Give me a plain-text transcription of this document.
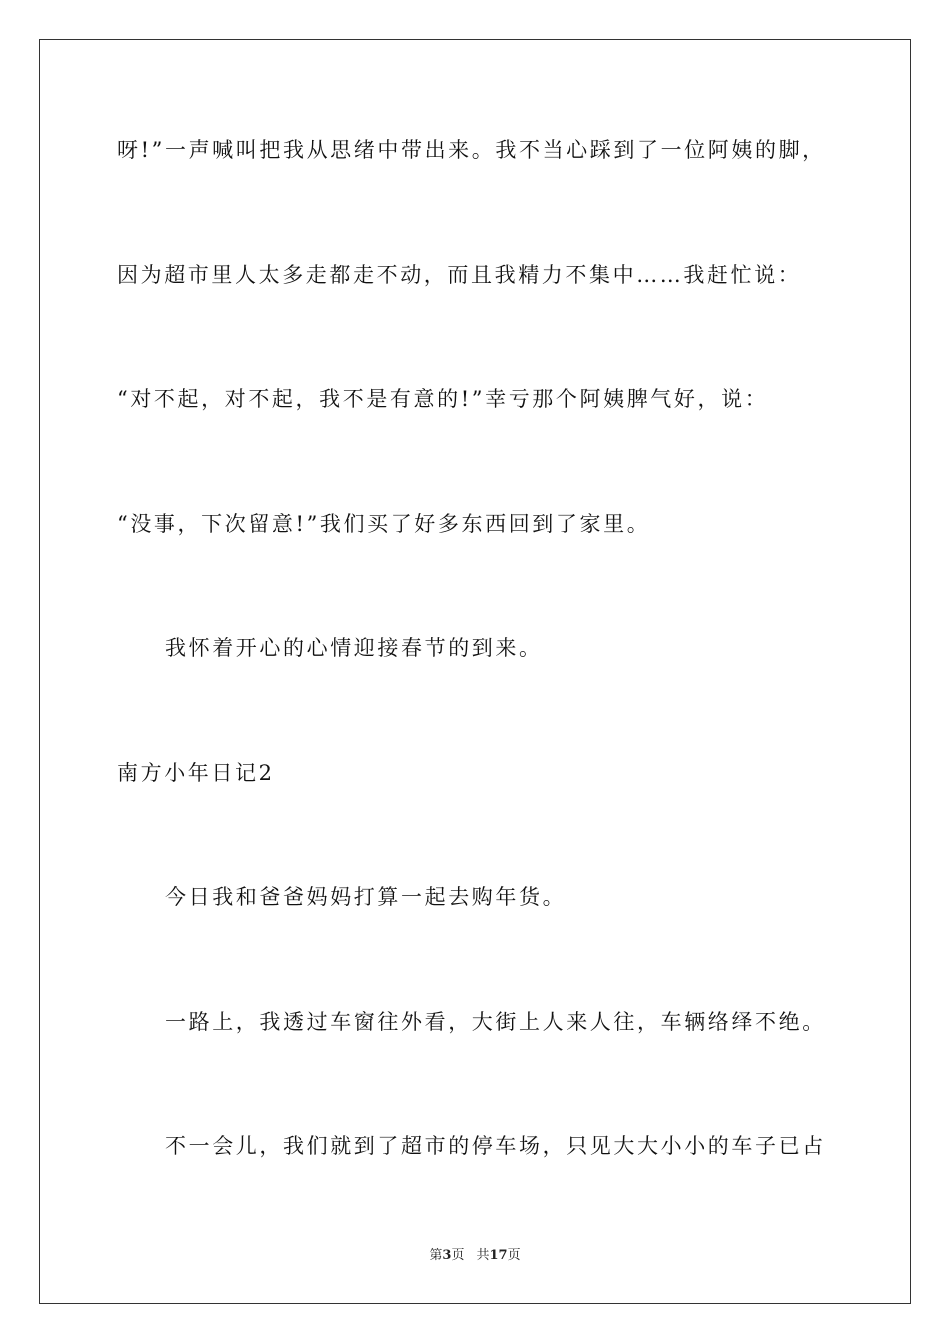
呀!”一声喊叫把我从思绪中带出来。我不当心踩到了一位阿姨的脚，
因为超市里人太多走都走不动，而且我精力不集中……我赶忙说：
“对不起，对不起，我不是有意的!”幸亏那个阿姨脾气好，说：
“没事，下次留意!”我们买了好多东西回到了家里。
我怀着开心的心情迎接春节的到来。
南方小年日记2
今日我和爸爸妈妈打算一起去购年货。
一路上，我透过车窗往外看，大街上人来人往，车辆络绎不绝。
不一会儿，我们就到了超市的停车场，只见大大小小的车子已占
第3页 共17页
